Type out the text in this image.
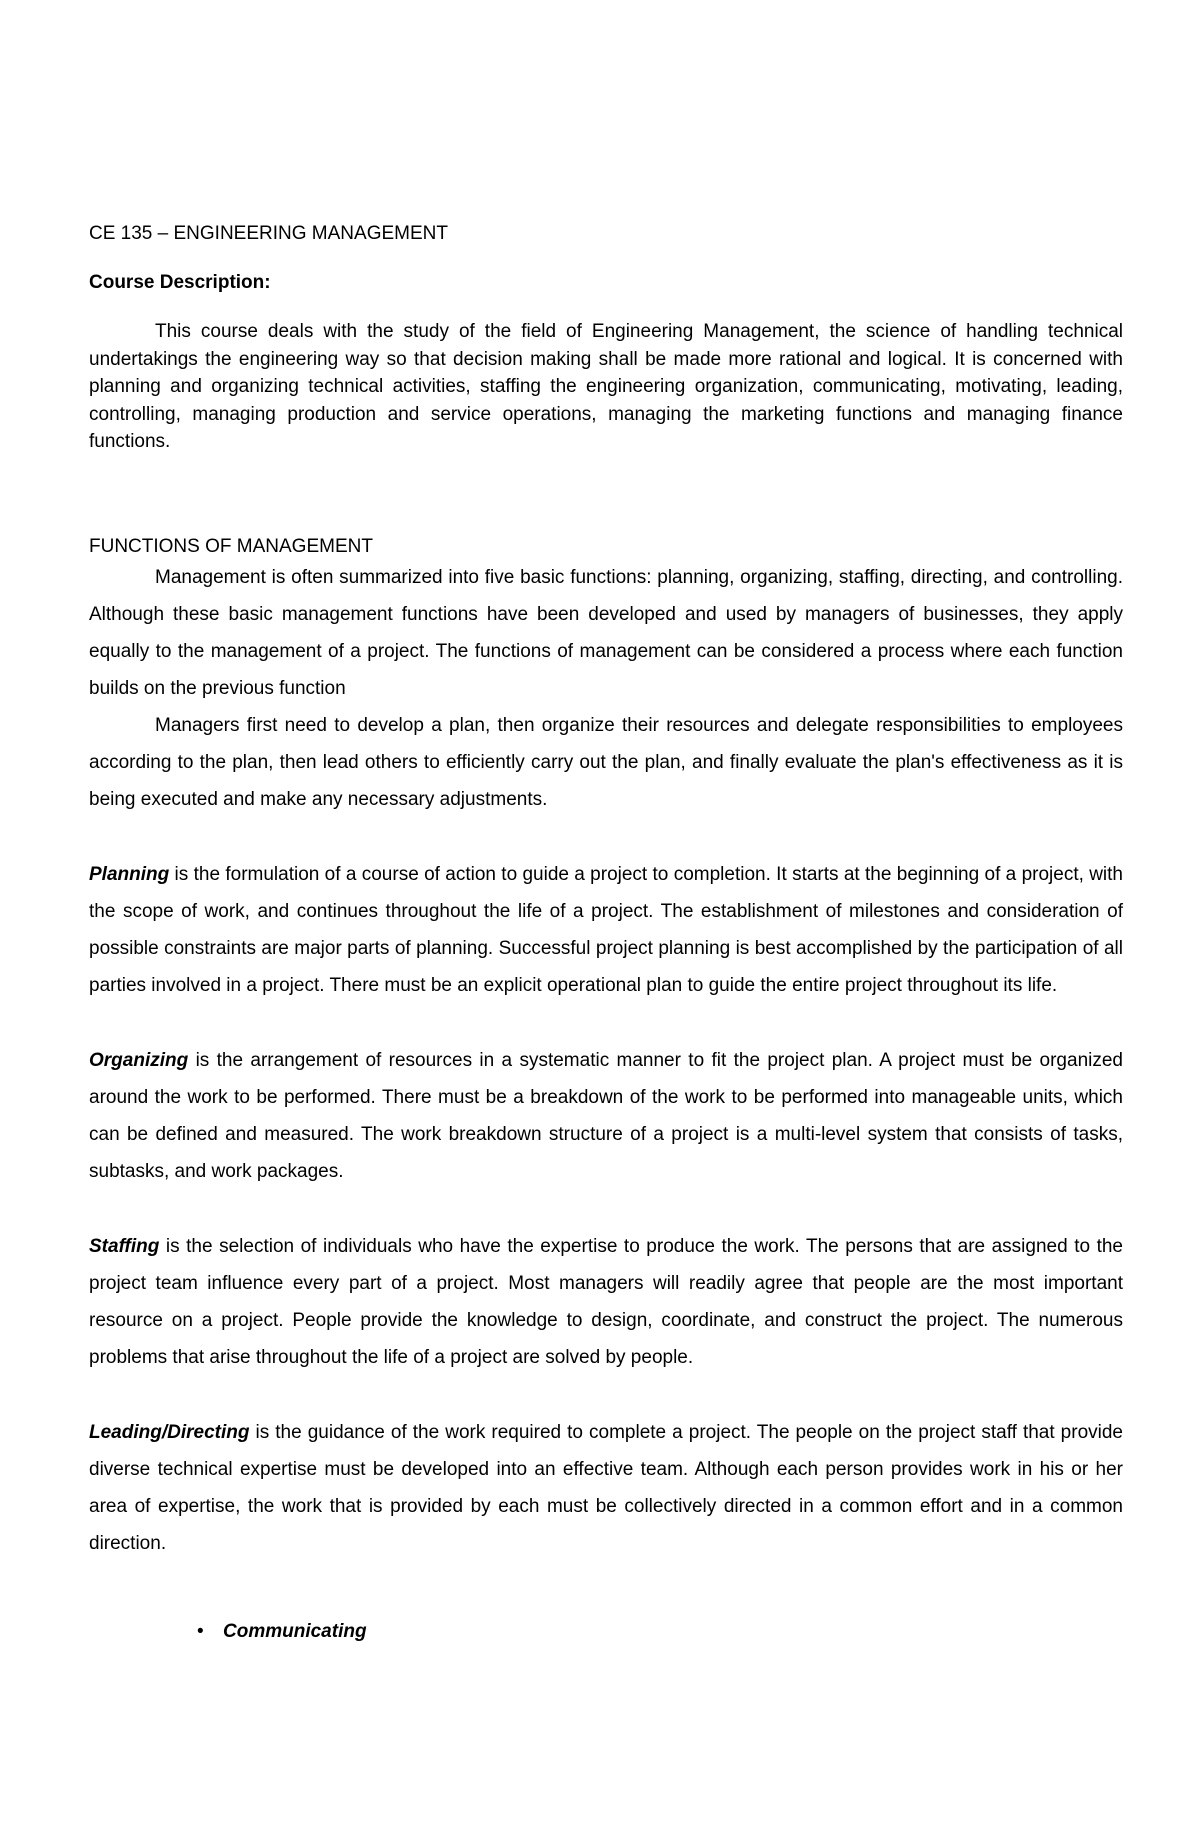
CE 135 – ENGINEERING MANAGEMENT
Course Description:
This course deals with the study of the field of Engineering Management, the science of handling technical undertakings the engineering way so that decision making shall be made more rational and logical. It is concerned with planning and organizing technical activities, staffing the engineering organization, communicating, motivating, leading, controlling, managing production and service operations, managing the marketing functions and managing finance functions.
FUNCTIONS OF MANAGEMENT

Management is often summarized into five basic functions: planning, organizing, staffing, directing, and controlling. Although these basic management functions have been developed and used by managers of businesses, they apply equally to the management of a project. The functions of management can be considered a process where each function builds on the previous function

Managers first need to develop a plan, then organize their resources and delegate responsibilities to employees according to the plan, then lead others to efficiently carry out the plan, and finally evaluate the plan's effectiveness as it is being executed and make any necessary adjustments.

Planning is the formulation of a course of action to guide a project to completion. It starts at the beginning of a project, with the scope of work, and continues throughout the life of a project. The establishment of milestones and consideration of possible constraints are major parts of planning. Successful project planning is best accomplished by the participation of all parties involved in a project. There must be an explicit operational plan to guide the entire project throughout its life.
Organizing is the arrangement of resources in a systematic manner to fit the project plan. A project must be organized around the work to be performed. There must be a breakdown of the work to be performed into manageable units, which can be defined and measured. The work breakdown structure of a project is a multi-level system that consists of tasks, subtasks, and work packages.
Staffing is the selection of individuals who have the expertise to produce the work. The persons that are assigned to the project team influence every part of a project. Most managers will readily agree that people are the most important resource on a project. People provide the knowledge to design, coordinate, and construct the project. The numerous problems that arise throughout the life of a project are solved by people.
Leading/Directing is the guidance of the work required to complete a project. The people on the project staff that provide diverse technical expertise must be developed into an effective team. Although each person provides work in his or her area of expertise, the work that is provided by each must be collectively directed in a common effort and in a common direction.
•	Communicating
